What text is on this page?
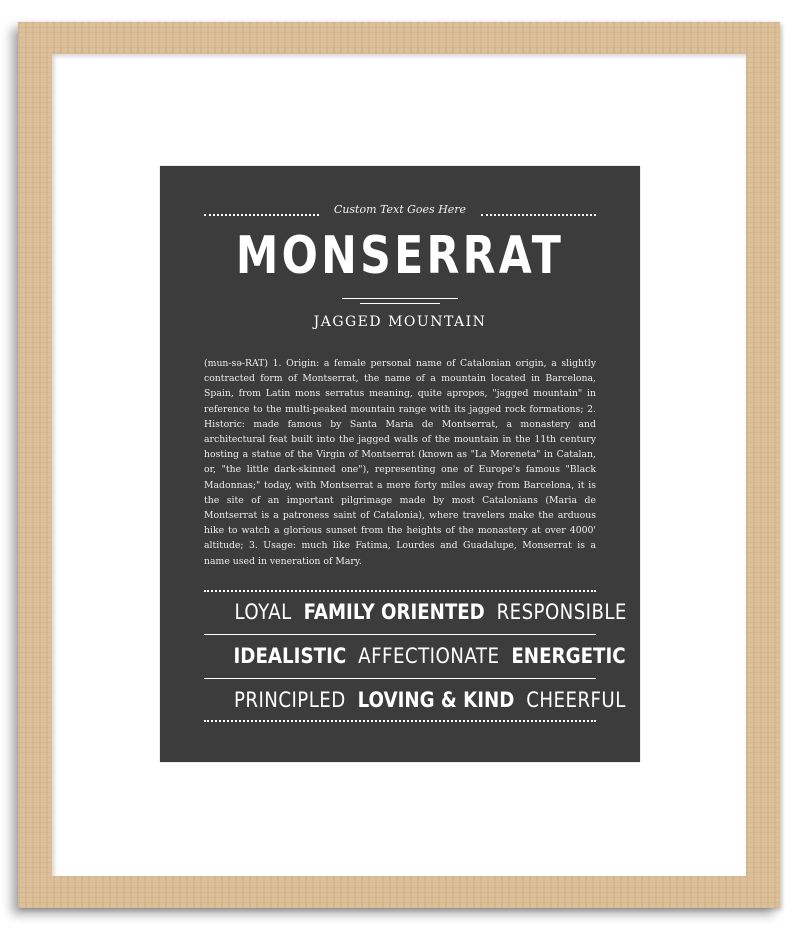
Custom Text Goes Here
MONSERRAT
JAGGED MOUNTAIN
(mun-sə-RAT) 1. Origin: a female personal name of Catalonian origin, a slightly contracted form of Montserrat, the name of a mountain located in Barcelona, Spain, from Latin mons serratus meaning, quite apropos, "jagged mountain" in reference to the multi-peaked mountain range with its jagged rock formations; 2. Historic: made famous by Santa Maria de Montserrat, a monastery and architectural feat built into the jagged walls of the mountain in the 11th century hosting a statue of the Virgin of Montserrat (known as "La Moreneta" in Catalan, or, "the little dark-skinned one"), representing one of Europe's famous "Black Madonnas;" today, with Montserrat a mere forty miles away from Barcelona, it is the site of an important pilgrimage made by most Catalonians (Maria de Montserrat is a patroness saint of Catalonia), where travelers make the arduous hike to watch a glorious sunset from the heights of the monastery at over 4000' altitude; 3. Usage: much like Fatima, Lourdes and Guadalupe, Monserrat is a name used in veneration of Mary.
LOYAL FAMILY ORIENTED RESPONSIBLE
IDEALISTIC AFFECTIONATE ENERGETIC
PRINCIPLED LOVING & KIND CHEERFUL
